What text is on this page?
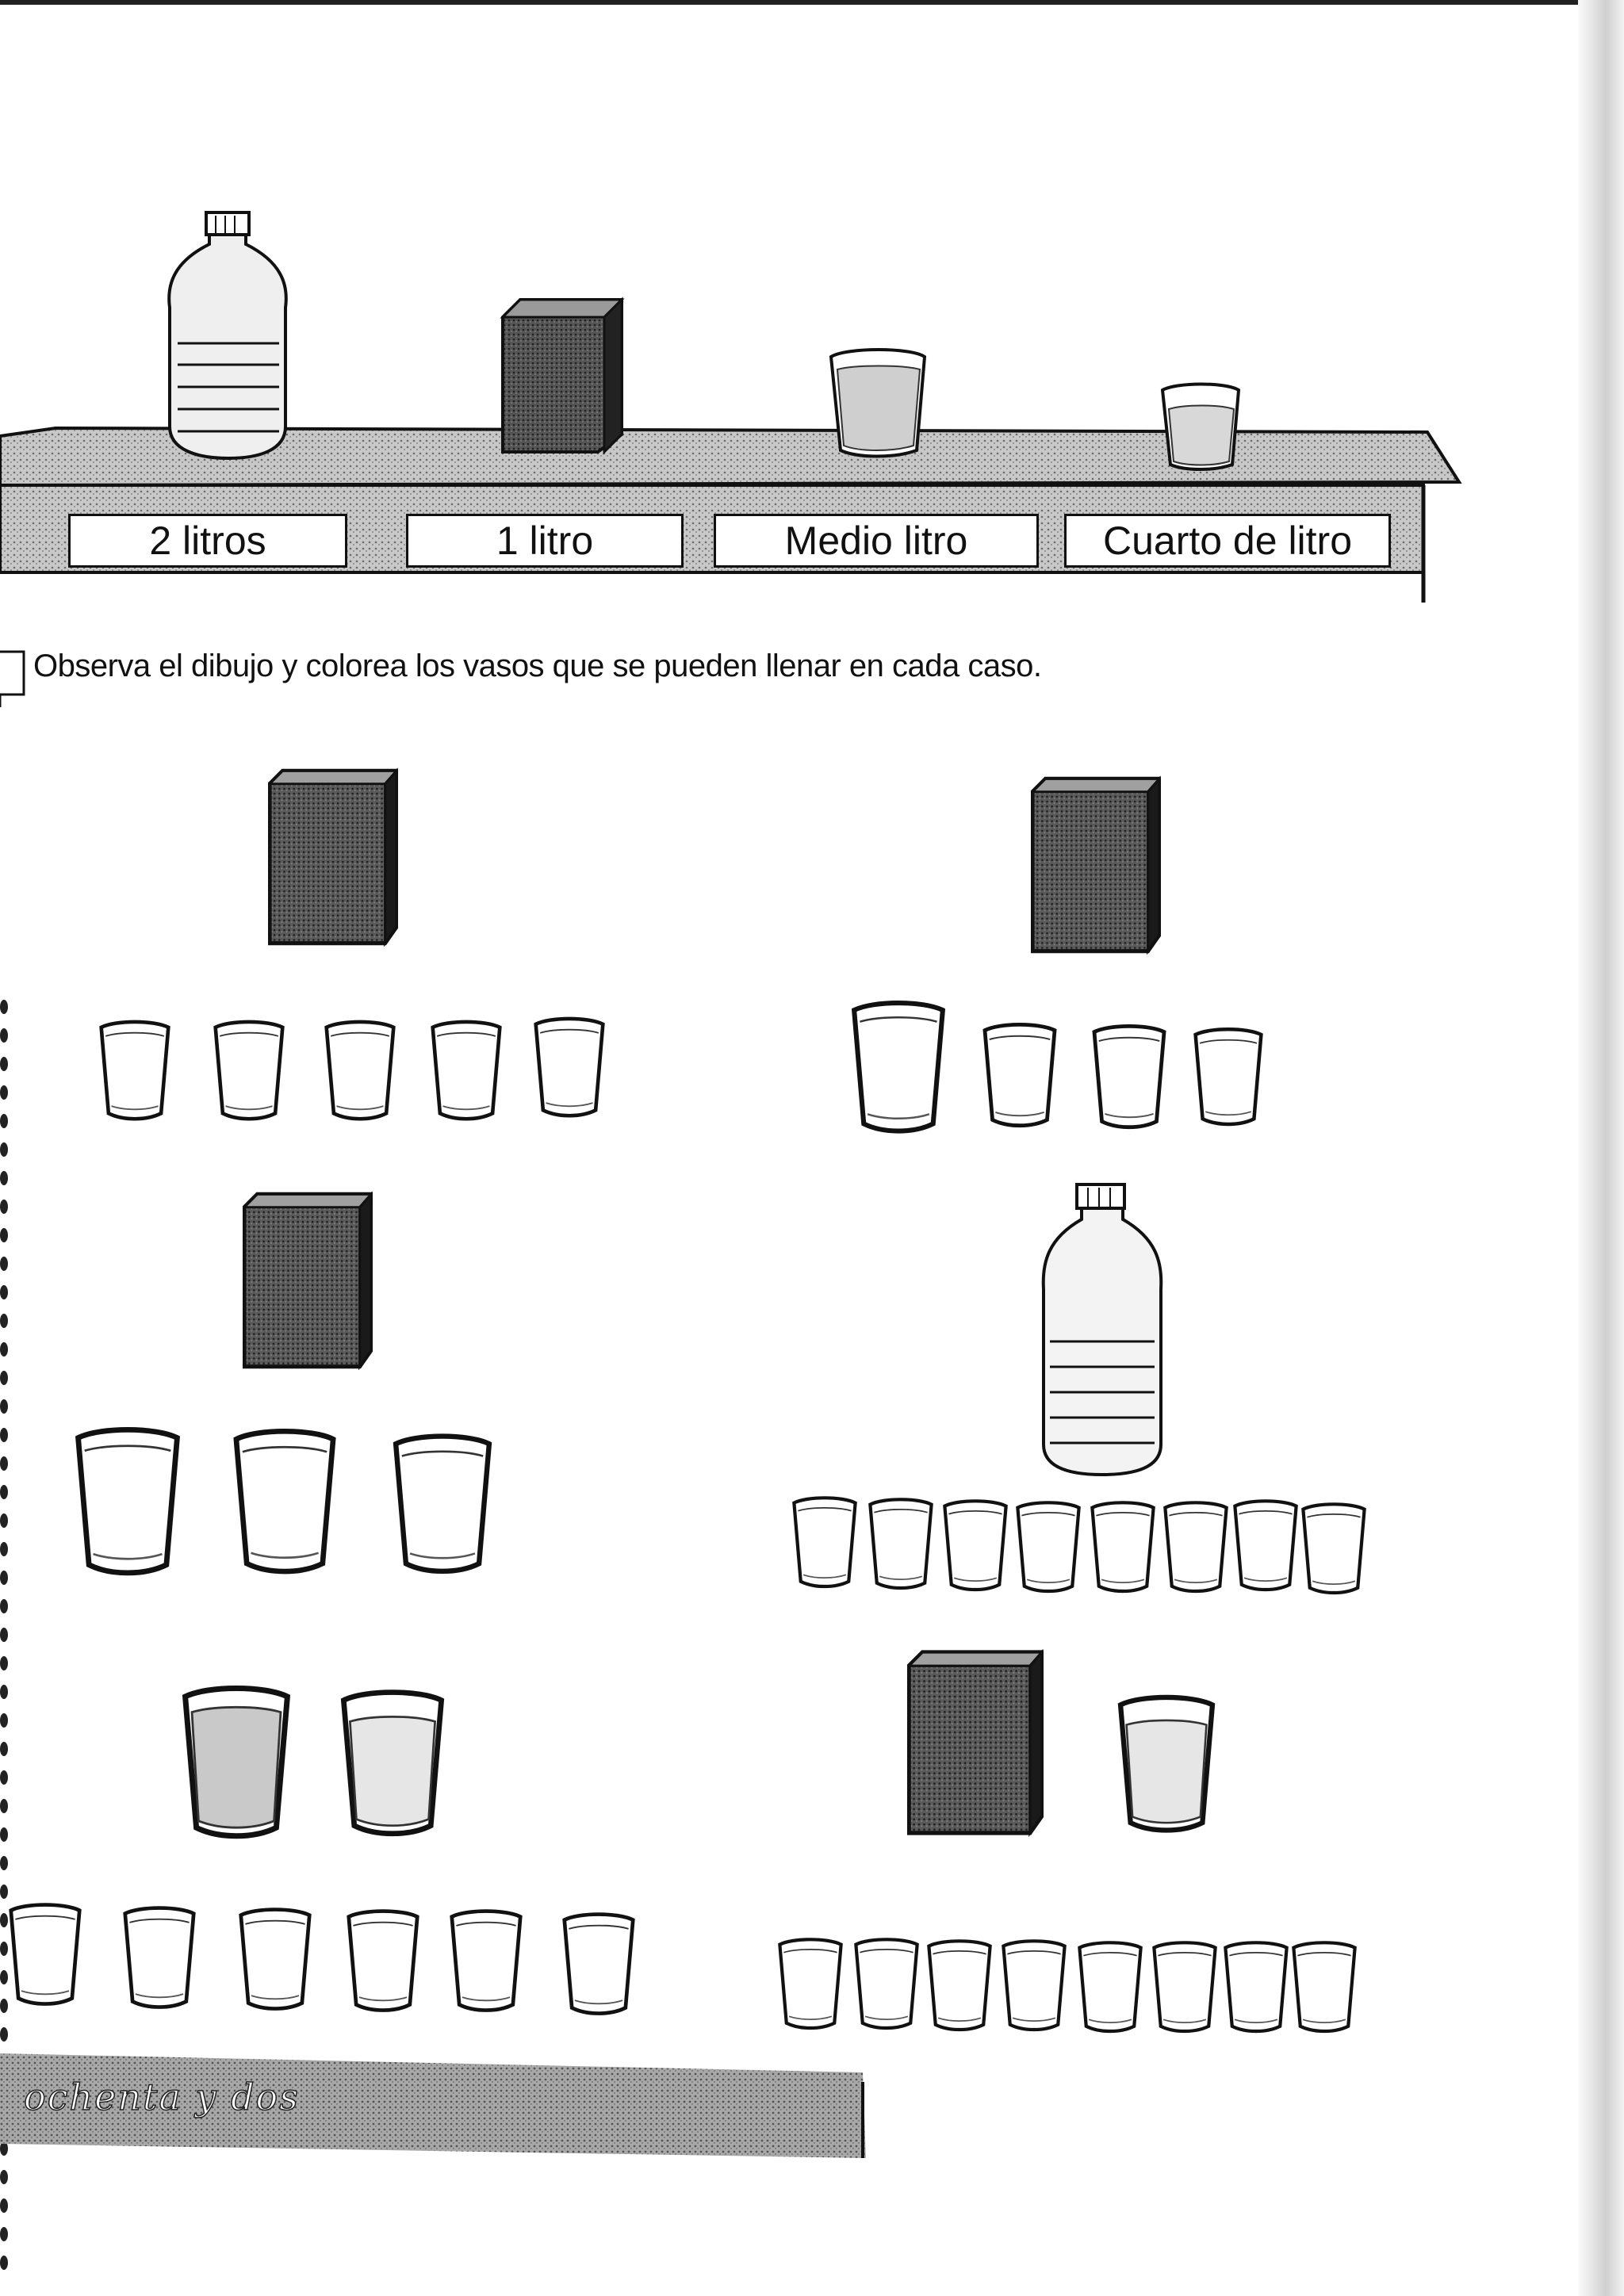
2 litros	1 litro	Medio litro	Cuarto de litro
Observa el dibujo y colorea los vasos que se pueden llenar en cada caso.
ochenta y dos
